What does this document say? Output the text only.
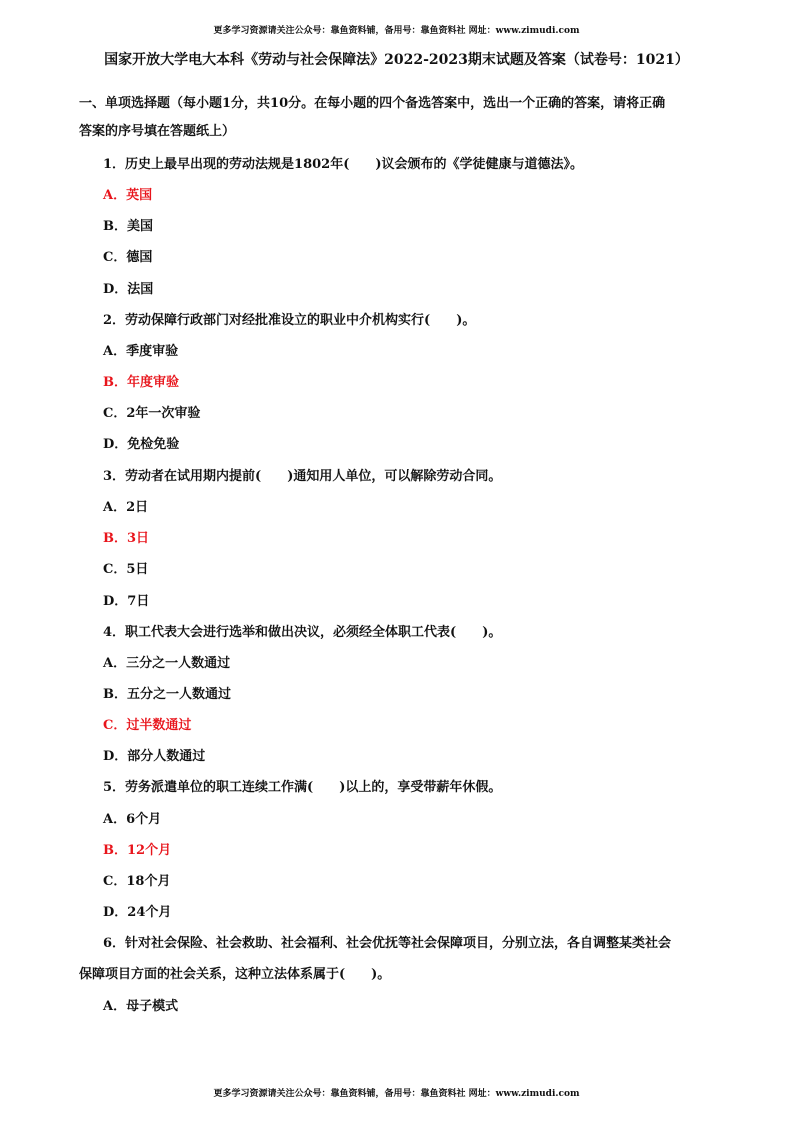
更多学习资源请关注公众号：靠鱼资料铺，备用号：靠鱼资料社 网址：www.zimudi.com
国家开放大学电大本科《劳动与社会保障法》2022-2023期末试题及答案（试卷号：1021）
一、单项选择题（每小题1分，共10分。在每小题的四个备选答案中，选出一个正确的答案，请将正确
答案的序号填在答题纸上）
1．历史上最早出现的劳动法规是1802年(　　)议会颁布的《学徒健康与道德法》。
A．英国
B．美国
C．德国
D．法国
2．劳动保障行政部门对经批准设立的职业中介机构实行(　　)。
A．季度审验
B．年度审验
C．2年一次审验
D．免检免验
3．劳动者在试用期内提前(　　)通知用人单位，可以解除劳动合同。
A．2日
B．3日
C．5日
D．7日
4．职工代表大会进行选举和做出决议，必须经全体职工代表(　　)。
A．三分之一人数通过
B．五分之一人数通过
C．过半数通过
D．部分人数通过
5．劳务派遣单位的职工连续工作满(　　)以上的，享受带薪年休假。
A．6个月
B．12个月
C．18个月
D．24个月
6．针对社会保险、社会救助、社会福利、社会优抚等社会保障项目，分别立法，各自调整某类社会
保障项目方面的社会关系，这种立法体系属于(　　)。
A．母子模式
更多学习资源请关注公众号：靠鱼资料铺，备用号：靠鱼资料社 网址：www.zimudi.com
